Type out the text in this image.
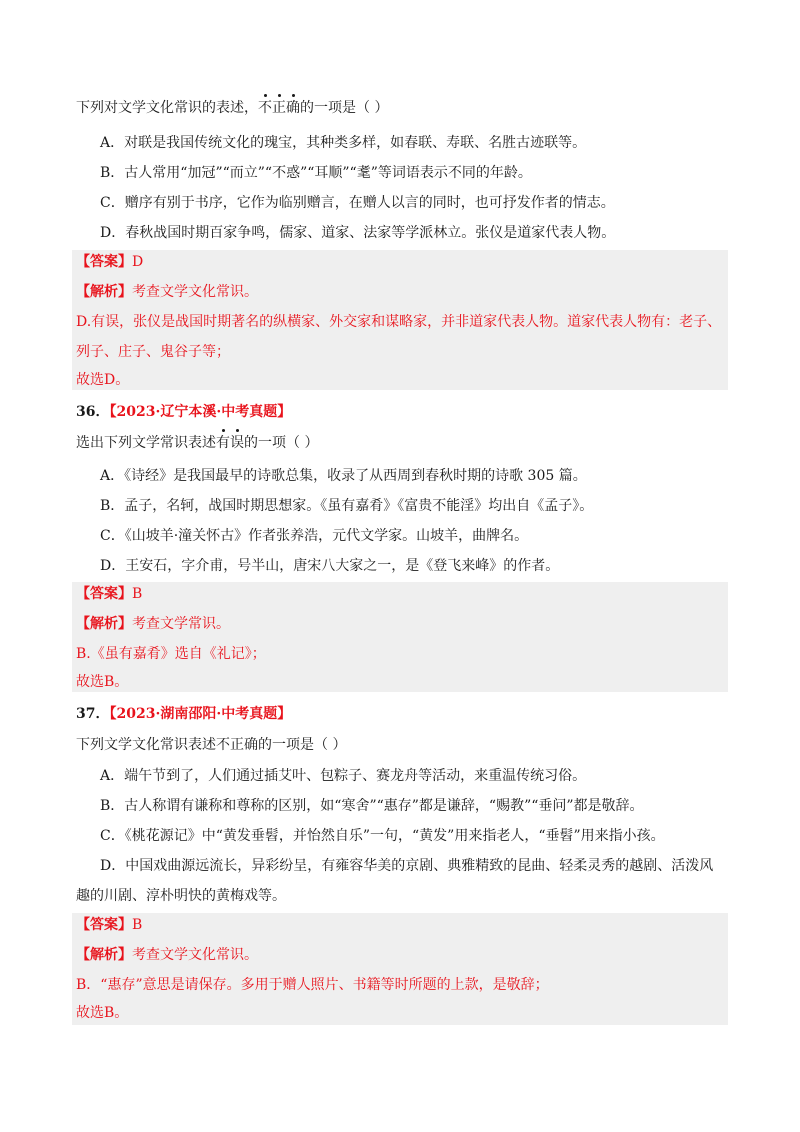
下列对文学文化常识的表述，不正确的一项是（ ）
A．对联是我国传统文化的瑰宝，其种类多样，如春联、寿联、名胜古迹联等。
B．古人常用“加冠”“而立”“不惑”“耳顺”“耄”等词语表示不同的年龄。
C．赠序有别于书序，它作为临别赠言，在赠人以言的同时，也可抒发作者的情志。
D．春秋战国时期百家争鸣，儒家、道家、法家等学派林立。张仪是道家代表人物。
【答案】D
【解析】考查文学文化常识。
D.有误，张仪是战国时期著名的纵横家、外交家和谋略家，并非道家代表人物。道家代表人物有：老子、
列子、庄子、鬼谷子等；
故选D。
36．【2023·辽宁本溪·中考真题】
选出下列文学常识表述有误的一项（ ）
A．《诗经》是我国最早的诗歌总集，收录了从西周到春秋时期的诗歌 305 篇。
B．孟子，名轲，战国时期思想家。《虽有嘉肴》《富贵不能淫》均出自《孟子》。
C．《山坡羊·潼关怀古》作者张养浩，元代文学家。山坡羊，曲牌名。
D．王安石，字介甫，号半山，唐宋八大家之一，是《登飞来峰》的作者。
【答案】B
【解析】考查文学常识。
B.《虽有嘉肴》选自《礼记》；
故选B。
37．【2023·湖南邵阳·中考真题】
下列文学文化常识表述不正确的一项是（ ）
A．端午节到了，人们通过插艾叶、包粽子、赛龙舟等活动，来重温传统习俗。
B．古人称谓有谦称和尊称的区别，如“寒舍”“惠存”都是谦辞，“赐教”“垂问”都是敬辞。
C．《桃花源记》中“黄发垂髫，并怡然自乐”一句，“黄发”用来指老人，“垂髫”用来指小孩。
D．中国戏曲源远流长，异彩纷呈，有雍容华美的京剧、典雅精致的昆曲、轻柔灵秀的越剧、活泼风
趣的川剧、淳朴明快的黄梅戏等。
【答案】B
【解析】考查文学文化常识。
B．“惠存”意思是请保存。多用于赠人照片、书籍等时所题的上款，是敬辞；
故选B。
